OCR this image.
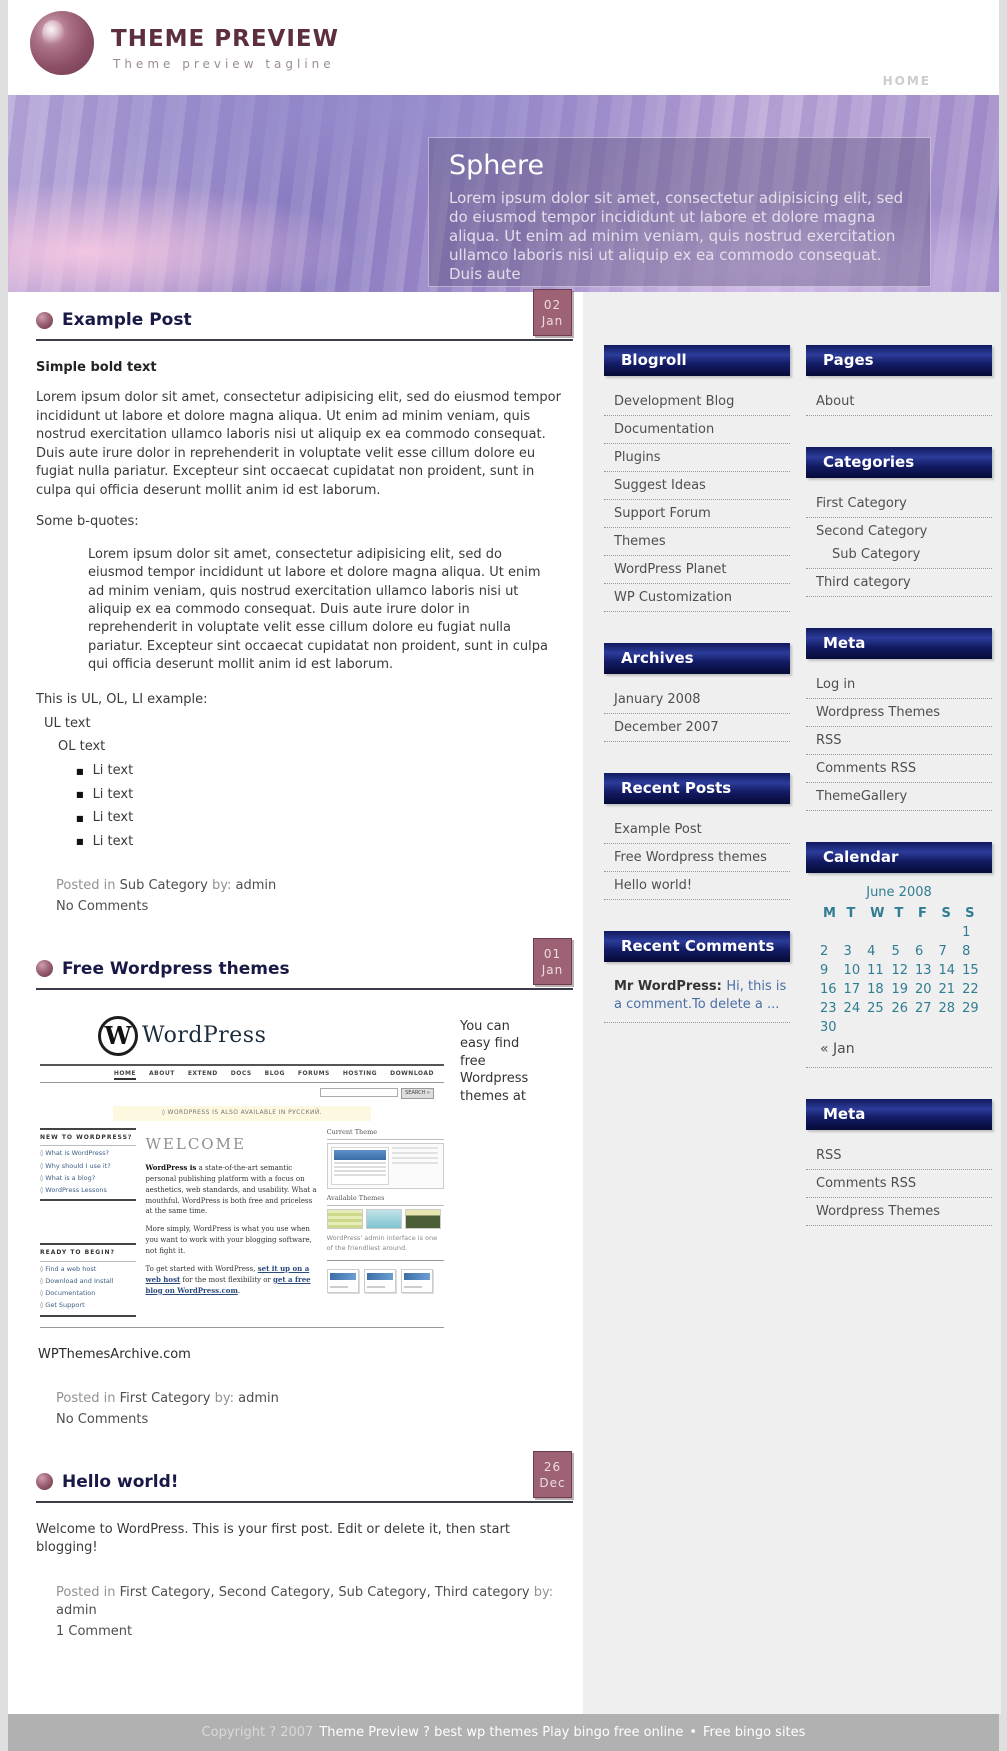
THEME PREVIEW
Theme preview tagline
HOME
Sphere
Lorem ipsum dolor sit amet, consectetur adipisicing elit, sed do eiusmod tempor incididunt ut labore et dolore magna aliqua. Ut enim ad minim veniam, quis nostrud exercitation ullamco laboris nisi ut aliquip ex ea commodo consequat. Duis aute
Example Post
02
Jan
Simple bold text

Lorem ipsum dolor sit amet, consectetur adipisicing elit, sed do eiusmod tempor incididunt ut labore et dolore magna aliqua. Ut enim ad minim veniam, quis nostrud exercitation ullamco laboris nisi ut aliquip ex ea commodo consequat. Duis aute irure dolor in reprehenderit in voluptate velit esse cillum dolore eu fugiat nulla pariatur. Excepteur sint occaecat cupidatat non proident, sunt in culpa qui officia deserunt mollit anim id est laborum.

Some b-quotes:

Lorem ipsum dolor sit amet, consectetur adipisicing elit, sed do eiusmod tempor incididunt ut labore et dolore magna aliqua. Ut enim ad minim veniam, quis nostrud exercitation ullamco laboris nisi ut aliquip ex ea commodo consequat. Duis aute irure dolor in reprehenderit in voluptate velit esse cillum dolore eu fugiat nulla pariatur. Excepteur sint occaecat cupidatat non proident, sunt in culpa qui officia deserunt mollit anim id est laborum.
This is UL, OL, LI example:
UL text
OL text
■ Li text
■ Li text
■ Li text
■ Li text
Posted in Sub Category by: admin
No Comments
Free Wordpress themes
01
Jan
W WordPress
HOME ABOUT EXTEND DOCS BLOG FORUMS HOSTING DOWNLOAD
SEARCH »
◊ WORDPRESS IS ALSO AVAILABLE IN РУССКИЙ.
NEW TO WORDPRESS?
◊ What is WordPress?
◊ Why should I use it?
◊ What is a blog?
◊ WordPress Lessons
READY TO BEGIN?
◊ Find a web host
◊ Download and Install
◊ Documentation
◊ Get Support
WELCOME
WordPress is a state-of-the-art semantic personal publishing platform with a focus on aesthetics, web standards, and usability. What a mouthful. WordPress is both free and priceless at the same time.
More simply, WordPress is what you use when you want to work with your blogging software, not fight it.
To get started with WordPress, set it up on a web host for the most flexibility or get a free blog on WordPress.com.
Current Theme
Available Themes
WordPress' admin interface is one of the friendliest around.
You can easy find free Wordpress themes at
WPThemesArchive.com
Posted in First Category by: admin
No Comments
Hello world!
26
Dec

Welcome to WordPress. This is your first post. Edit or delete it, then start blogging!

Posted in First Category, Second Category, Sub Category, Third category by: admin
1 Comment
Blogroll
Development Blog
Documentation
Plugins
Suggest Ideas
Support Forum
Themes
WordPress Planet
WP Customization
Archives
January 2008
December 2007
Recent Posts
Example Post
Free Wordpress themes
Hello world!
Recent Comments
Mr WordPress: Hi, this is a comment.To delete a ...
Pages
About
Categories
First Category
Second Category
Sub Category
Third category
Meta
Log in
Wordpress Themes
RSS
Comments RSS
ThemeGallery
Calendar
June 2008
M	T	W	T	F	S	S
						1
2	3	4	5	6	7	8
9	10	11	12	13	14	15
16	17	18	19	20	21	22
23	24	25	26	27	28	29
30						
« Jan
Meta
RSS
Comments RSS
Wordpress Themes
Copyright ? 2007 Theme Preview ? best wp themes Play bingo free online • Free bingo sites
